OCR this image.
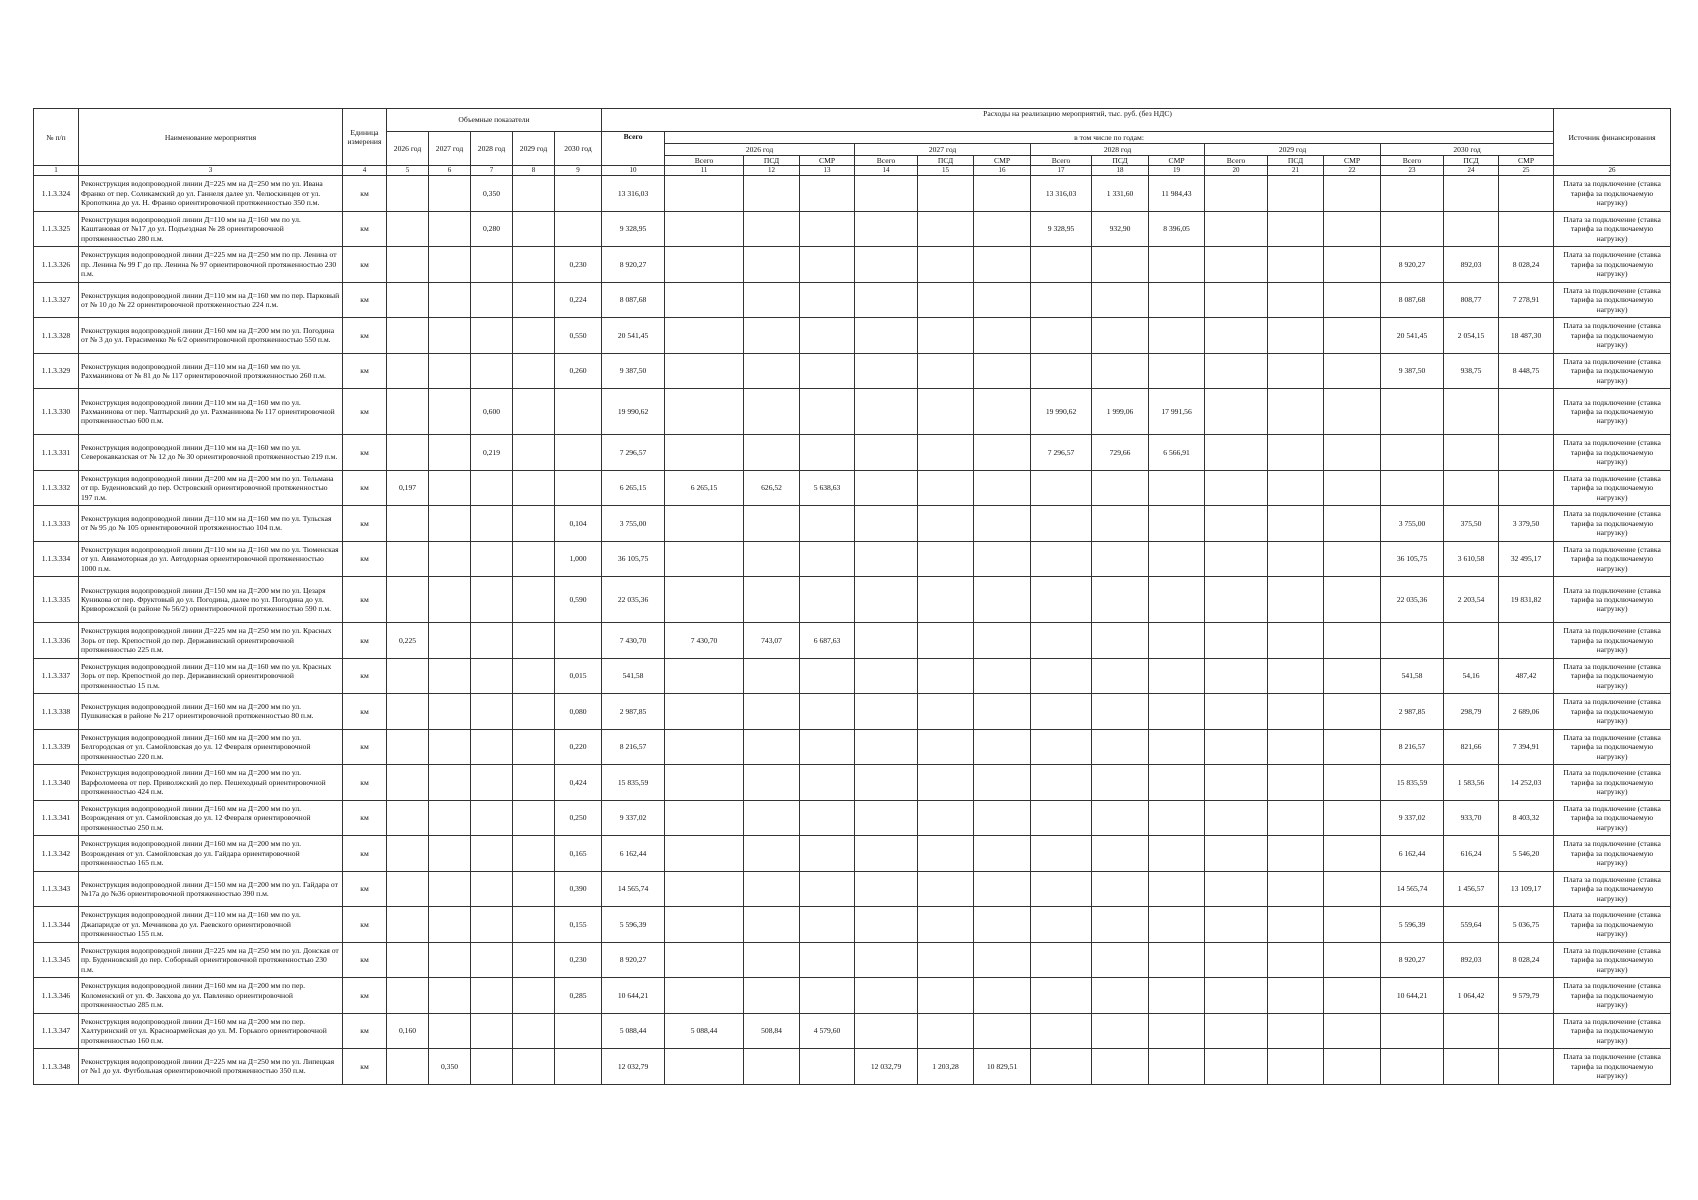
№ п/п	Наименование мероприятия	Единица измерения	Объемные показатели					Расходы на реализацию мероприятий, тыс. руб. (без НДС)																Источник финансирования
			2026 год	2027 год	2028 год	2029 год	2030 год	Всего	в том числе по годам:															
									2026 год			2027 год			2028 год			2029 год			2030 год			
									Всего	ПСД	СМР	Всего	ПСД	СМР	Всего	ПСД	СМР	Всего	ПСД	СМР	Всего	ПСД	СМР	
1	3	4	5	6	7	8	9	10	11	12	13	14	15	16	17	18	19	20	21	22	23	24	25	26
1.1.3.324	Реконструкция водопроводной линии Д=225 мм на Д=250 мм по ул. Ивана Франко от пер. Соликамский до ул. Ганнеля далее ул. Челюскинцев от ул. Кропоткина до ул. Н. Франко ориентировочной протяженностью 350 п.м.	км			0,350			13 316,03							13 316,03	1 331,60	11 984,43							Плата за подключение (ставка тарифа за подключаемую нагрузку)
1.1.3.325	Реконструкция водопроводной линии Д=110 мм на Д=160 мм по ул. Каштановая от №17 до ул. Подъездная № 28 ориентировочной протяженностью 280 п.м.	км			0,280			9 328,95							9 328,95	932,90	8 396,05							Плата за подключение (ставка тарифа за подключаемую нагрузку)
1.1.3.326	Реконструкция водопроводной линии Д=225 мм на Д=250 мм по пр. Ленина от пр. Ленина № 99 Г до пр. Ленина № 97 ориентировочной протяженностью 230 п.м.	км					0,230	8 920,27													8 920,27	892,03	8 028,24	Плата за подключение (ставка тарифа за подключаемую нагрузку)
1.1.3.327	Реконструкция водопроводной линии Д=110 мм на Д=160 мм по пер. Парковый от № 10 до № 22 ориентировочной протяженностью 224 п.м.	км					0,224	8 087,68													8 087,68	808,77	7 278,91	Плата за подключение (ставка тарифа за подключаемую нагрузку)
1.1.3.328	Реконструкция водопроводной линии Д=160 мм на Д=200 мм по ул. Погодина от № 3 до ул. Герасименко № 6/2 ориентировочной протяженностью 550 п.м.	км					0,550	20 541,45													20 541,45	2 054,15	18 487,30	Плата за подключение (ставка тарифа за подключаемую нагрузку)
1.1.3.329	Реконструкция водопроводной линии Д=110 мм на Д=160 мм по ул. Рахманинова от № 81 до № 117 ориентировочной протяженностью 260 п.м.	км					0,260	9 387,50													9 387,50	938,75	8 448,75	Плата за подключение (ставка тарифа за подключаемую нагрузку)
1.1.3.330	Реконструкция водопроводной линии Д=110 мм на Д=160 мм по ул. Рахманинова от пер. Чаптырский до ул. Рахманинова № 117 ориентировочной протяженностью 600 п.м.	км			0,600			19 990,62							19 990,62	1 999,06	17 991,56							Плата за подключение (ставка тарифа за подключаемую нагрузку)
1.1.3.331	Реконструкция водопроводной линии Д=110 мм на Д=160 мм по ул. Северокавказская от № 12 до № 30 ориентировочной протяженностью 219 п.м.	км			0,219			7 296,57							7 296,57	729,66	6 566,91							Плата за подключение (ставка тарифа за подключаемую нагрузку)
1.1.3.332	Реконструкция водопроводной линии Д=200 мм на Д=200 мм по ул. Тельмана от пр. Буденновский до пер. Островский ориентировочной протяженностью 197 п.м.	км	0,197					6 265,15	6 265,15	626,52	5 638,63													Плата за подключение (ставка тарифа за подключаемую нагрузку)
1.1.3.333	Реконструкция водопроводной линии Д=110 мм на Д=160 мм по ул. Тульская от № 95 до № 105 ориентировочной протяженностью 104 п.м.	км					0,104	3 755,00													3 755,00	375,50	3 379,50	Плата за подключение (ставка тарифа за подключаемую нагрузку)
1.1.3.334	Реконструкция водопроводной линии Д=110 мм на Д=160 мм по ул. Тюменская от ул. Авиамоторная до ул. Автодорная ориентировочной протяженностью 1000 п.м.	км					1,000	36 105,75													36 105,75	3 610,58	32 495,17	Плата за подключение (ставка тарифа за подключаемую нагрузку)
1.1.3.335	Реконструкция водопроводной линии Д=150 мм на Д=200 мм по ул. Цезаря Куникова от пер. Фруктовый до ул. Погодина, далее по ул. Погодина до ул. Криворожской (в районе № 56/2) ориентировочной протяженностью 590 п.м.	км					0,590	22 035,36													22 035,36	2 203,54	19 831,82	Плата за подключение (ставка тарифа за подключаемую нагрузку)
1.1.3.336	Реконструкция водопроводной линии Д=225 мм на Д=250 мм по ул. Красных Зорь от пер. Крепостной до пер. Державинский ориентировочной протяженностью 225 п.м.	км	0,225					7 430,70	7 430,70	743,07	6 687,63													Плата за подключение (ставка тарифа за подключаемую нагрузку)
1.1.3.337	Реконструкция водопроводной линии Д=110 мм на Д=160 мм по ул. Красных Зорь от пер. Крепостной до пер. Державинский ориентировочной протяженностью 15 п.м.	км					0,015	541,58													541,58	54,16	487,42	Плата за подключение (ставка тарифа за подключаемую нагрузку)
1.1.3.338	Реконструкция водопроводной линии Д=160 мм на Д=200 мм по ул. Пушкинская в районе № 217 ориентировочной протяженностью 80 п.м.	км					0,080	2 987,85													2 987,85	298,79	2 689,06	Плата за подключение (ставка тарифа за подключаемую нагрузку)
1.1.3.339	Реконструкция водопроводной линии Д=160 мм на Д=200 мм по ул. Белгородская от ул. Самойловская до ул. 12 Февраля ориентировочной протяженностью 220 п.м.	км					0,220	8 216,57													8 216,57	821,66	7 394,91	Плата за подключение (ставка тарифа за подключаемую нагрузку)
1.1.3.340	Реконструкция водопроводной линии Д=160 мм на Д=200 мм по ул. Варфоломеева от пер. Приволжский до пер. Пешеходный ориентировочной протяженностью 424 п.м.	км					0,424	15 835,59													15 835,59	1 583,56	14 252,03	Плата за подключение (ставка тарифа за подключаемую нагрузку)
1.1.3.341	Реконструкция водопроводной линии Д=160 мм на Д=200 мм по ул. Возрождения от ул. Самойловская до ул. 12 Февраля ориентировочной протяженностью 250 п.м.	км					0,250	9 337,02													9 337,02	933,70	8 403,32	Плата за подключение (ставка тарифа за подключаемую нагрузку)
1.1.3.342	Реконструкция водопроводной линии Д=160 мм на Д=200 мм по ул. Возрождения от ул. Самойловская до ул. Гайдара ориентировочной протяженностью 165 п.м.	км					0,165	6 162,44													6 162,44	616,24	5 546,20	Плата за подключение (ставка тарифа за подключаемую нагрузку)
1.1.3.343	Реконструкция водопроводной линии Д=150 мм на Д=200 мм по ул. Гайдара от №17а до №36 ориентировочной протяженностью 390 п.м.	км					0,390	14 565,74													14 565,74	1 456,57	13 109,17	Плата за подключение (ставка тарифа за подключаемую нагрузку)
1.1.3.344	Реконструкция водопроводной линии Д=110 мм на Д=160 мм по ул. Джапаридзе от ул. Мечникова до ул. Раевского ориентировочной протяженностью 155 п.м.	км					0,155	5 596,39													5 596,39	559,64	5 036,75	Плата за подключение (ставка тарифа за подключаемую нагрузку)
1.1.3.345	Реконструкция водопроводной линии Д=225 мм на Д=250 мм по ул. Донская от пр. Буденновский до пер. Соборный ориентировочной протяженностью 230 п.м.	км					0,230	8 920,27													8 920,27	892,03	8 028,24	Плата за подключение (ставка тарифа за подключаемую нагрузку)
1.1.3.346	Реконструкция водопроводной линии Д=160 мм на Д=200 мм по пер. Коломенский от ул. Ф. Закхова до ул. Павленко ориентировочной протяженностью 285 п.м.	км					0,285	10 644,21													10 644,21	1 064,42	9 579,79	Плата за подключение (ставка тарифа за подключаемую нагрузку)
1.1.3.347	Реконструкция водопроводной линии Д=160 мм на Д=200 мм по пер. Халтуринский от ул. Красноармейская до ул. М. Горького ориентировочной протяженностью 160 п.м.	км	0,160					5 088,44	5 088,44	508,84	4 579,60													Плата за подключение (ставка тарифа за подключаемую нагрузку)
1.1.3.348	Реконструкция водопроводной линии Д=225 мм на Д=250 мм по ул. Липецкая от №1 до ул. Футбольная ориентировочной протяженностью 350 п.м.	км		0,350				12 032,79				12 032,79	1 203,28	10 829,51										Плата за подключение (ставка тарифа за подключаемую нагрузку)
